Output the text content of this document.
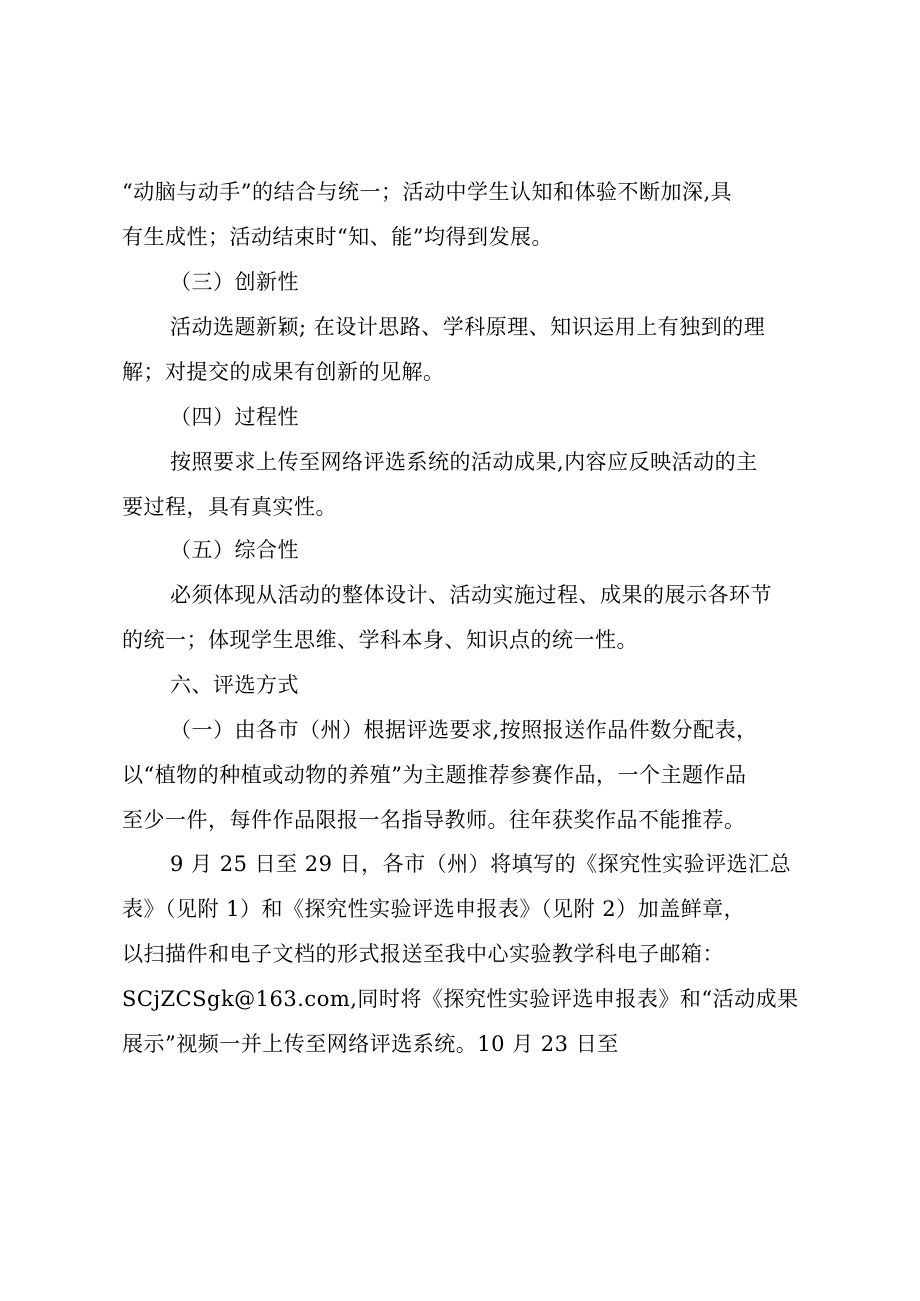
“动脑与动手”的结合与统一；活动中学生认知和体验不断加深,具
有生成性；活动结束时“知、能”均得到发展。
（三）创新性
活动选题新颖; 在设计思路、学科原理、知识运用上有独到的理
解；对提交的成果有创新的见解。
（四）过程性
按照要求上传至网络评选系统的活动成果,内容应反映活动的主
要过程，具有真实性。
（五）综合性
必须体现从活动的整体设计、活动实施过程、成果的展示各环节
的统一；体现学生思维、学科本身、知识点的统一性。
六、评选方式
（一）由各市（州）根据评选要求,按照报送作品件数分配表，
以“植物的种植或动物的养殖”为主题推荐参赛作品，一个主题作品
至少一件，每件作品限报一名指导教师。往年获奖作品不能推荐。
9 月 25 日至 29 日，各市（州）将填写的《探究性实验评选汇总
表》（见附 1）和《探究性实验评选申报表》（见附 2）加盖鲜章，
以扫描件和电子文档的形式报送至我中心实验教学科电子邮箱：
SCjZCSgk@163.com,同时将《探究性实验评选申报表》和“活动成果
展示”视频一并上传至网络评选系统。10 月 23 日至
